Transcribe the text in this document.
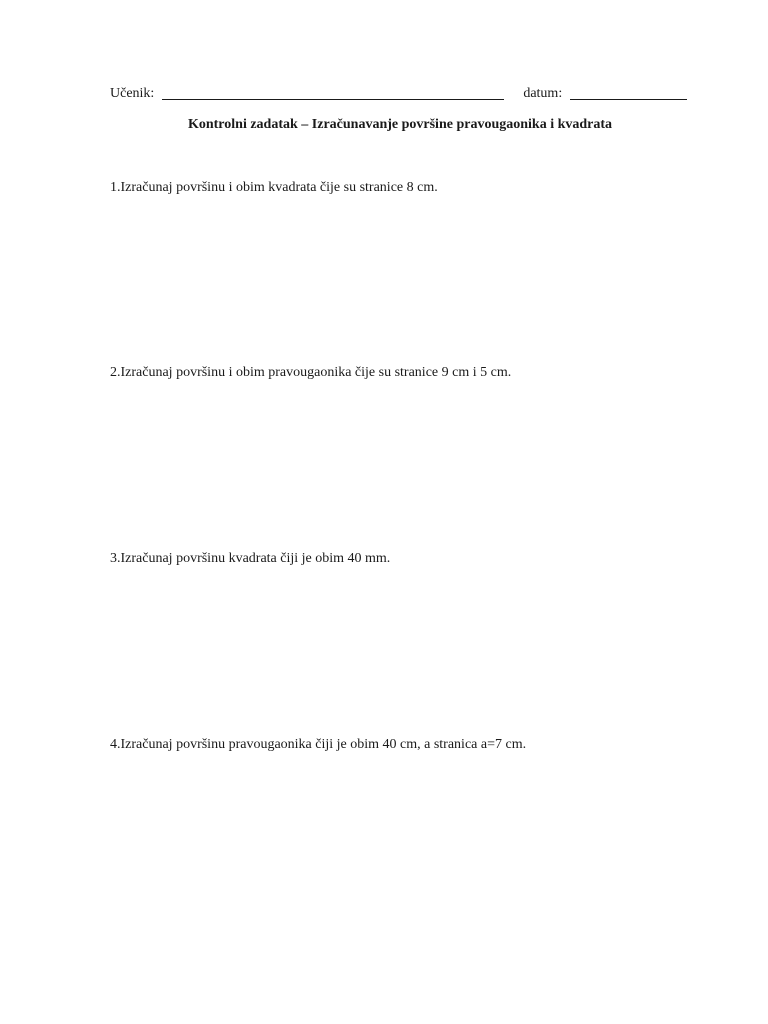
Učenik:	datum:
Kontrolni zadatak – Izračunavanje površine pravougaonika i kvadrata
1.Izračunaj površinu i obim kvadrata čije su stranice 8 cm.
2.Izračunaj površinu i obim pravougaonika čije su stranice 9 cm i 5 cm.
3.Izračunaj površinu kvadrata čiji je obim 40 mm.
4.Izračunaj površinu pravougaonika čiji je obim 40 cm, a stranica a=7 cm.
